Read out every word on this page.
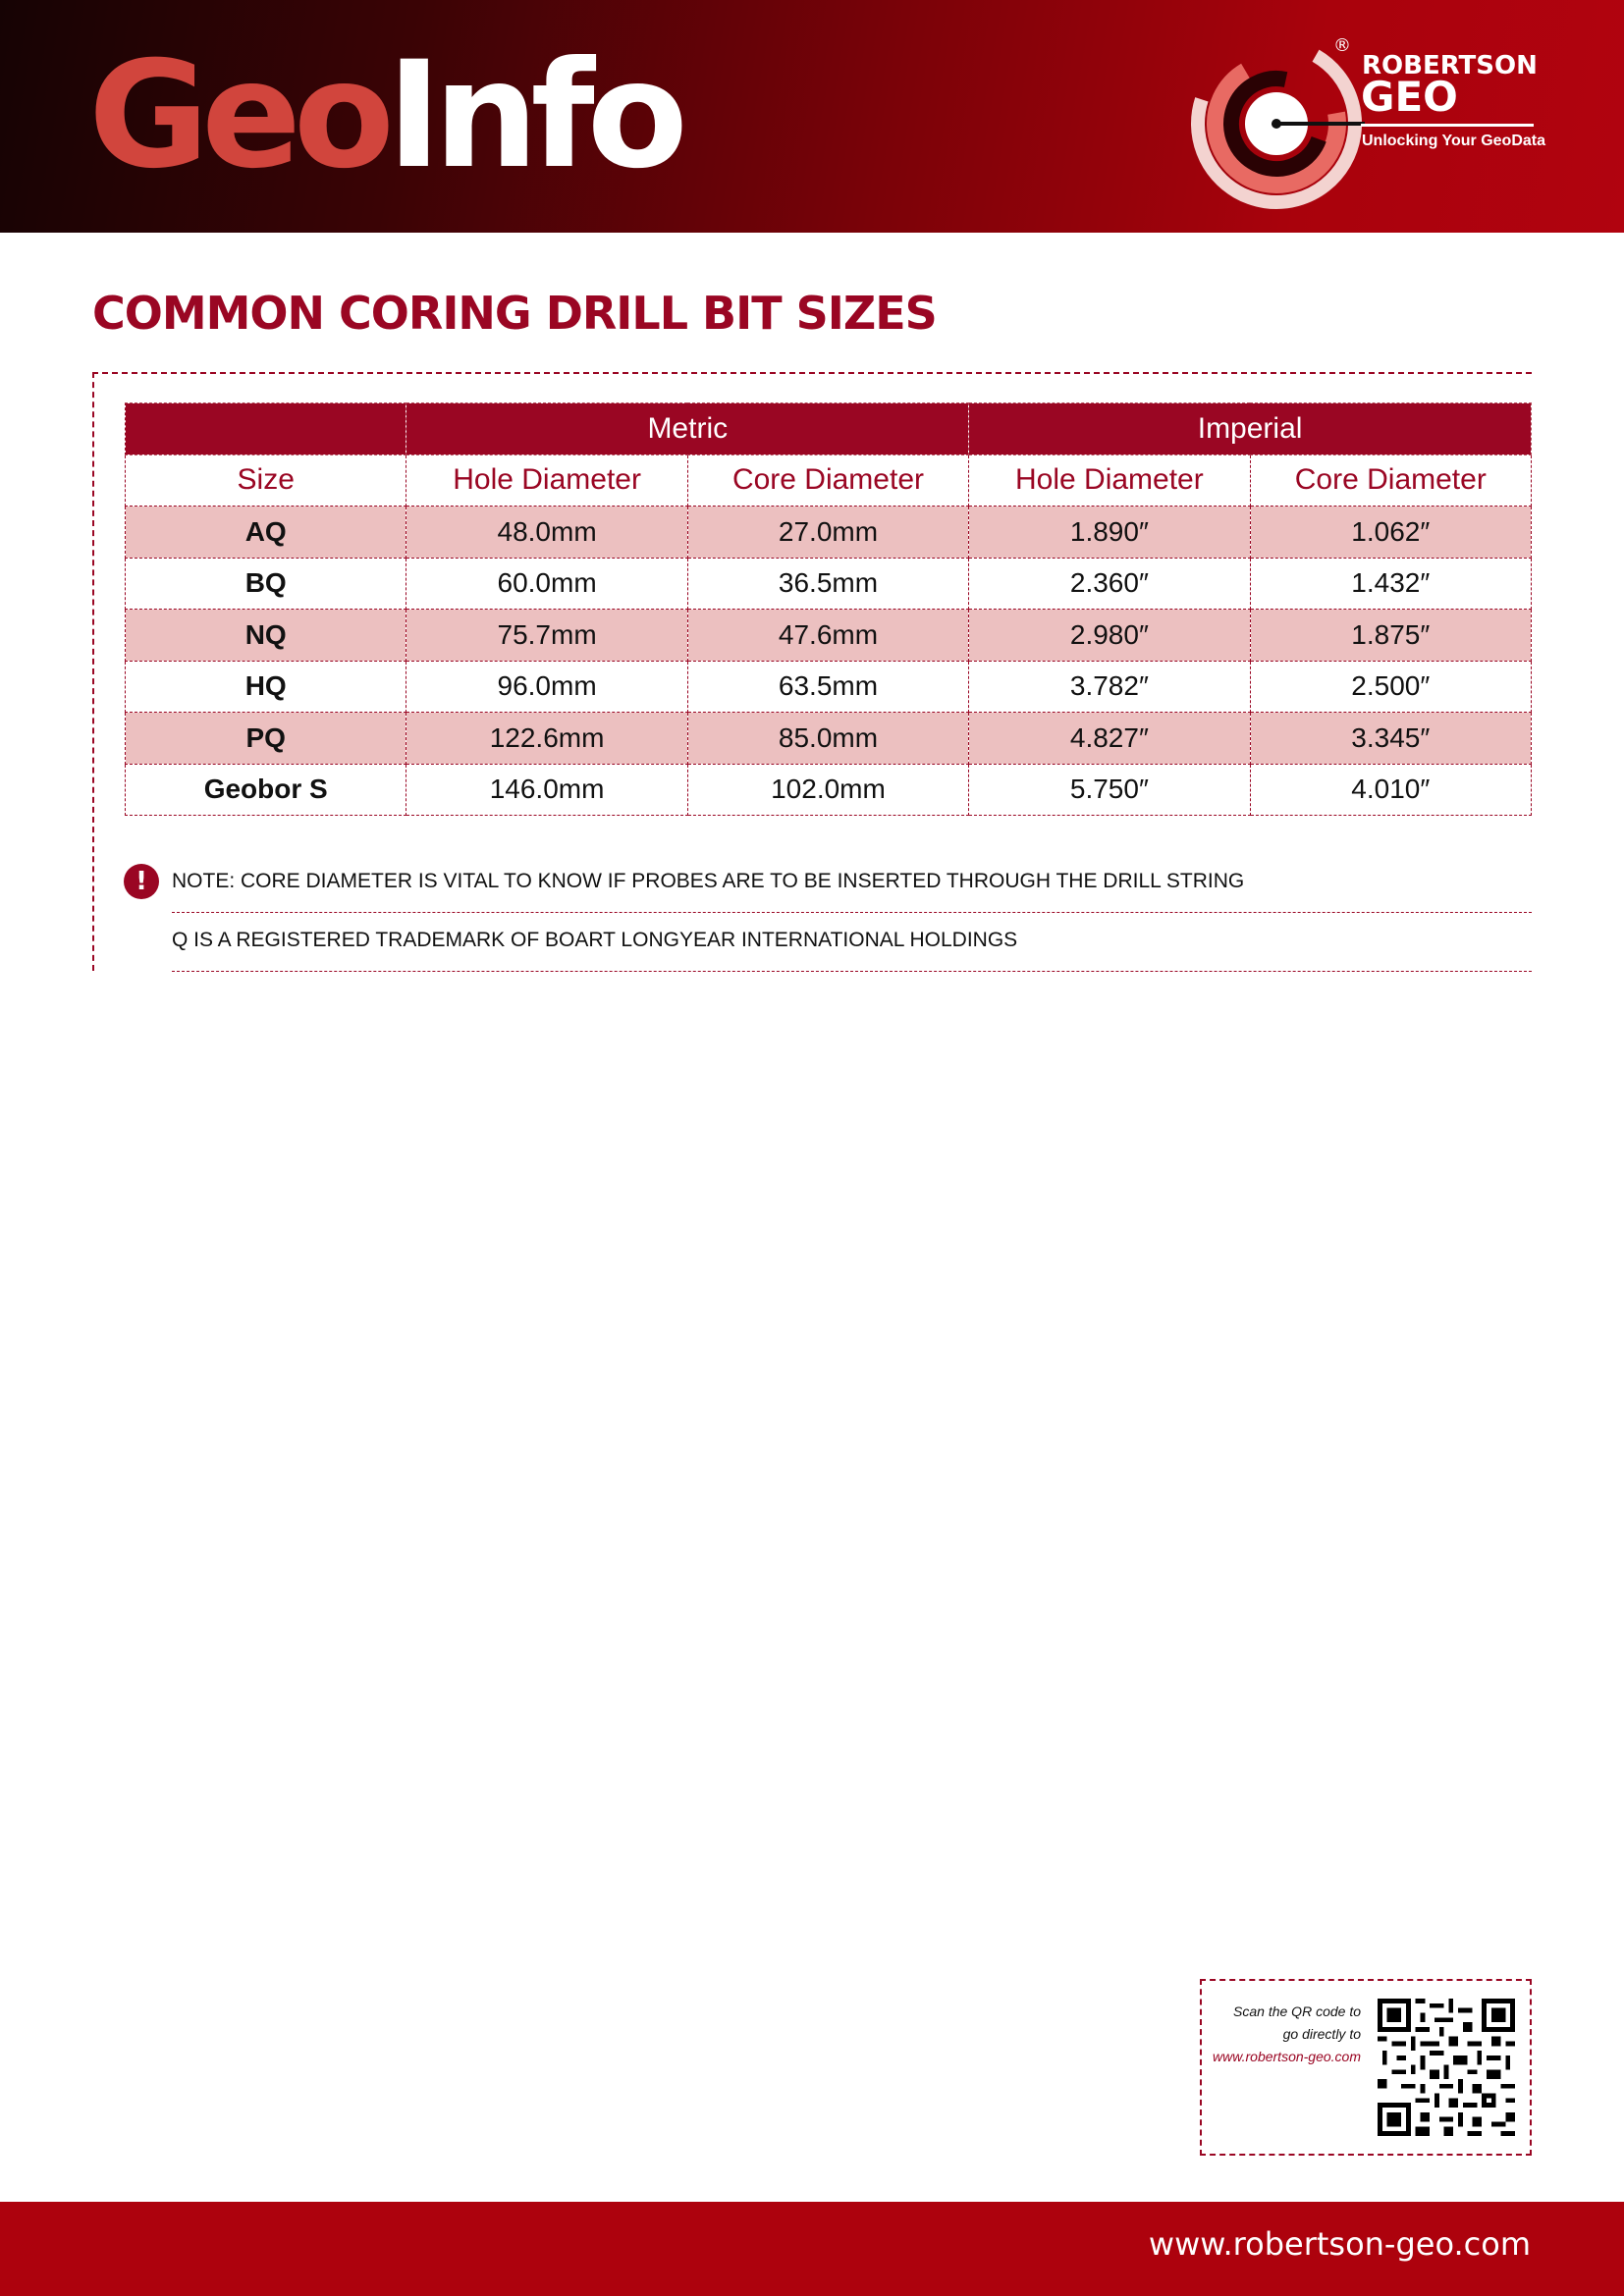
GeoInfo	®
ROBERTSON
GEO
Unlocking Your GeoData
COMMON CORING DRILL BIT SIZES
	Metric		Imperial	
Size	Hole Diameter	Core Diameter	Hole Diameter	Core Diameter
AQ	48.0mm	27.0mm	1.890″	1.062″
BQ	60.0mm	36.5mm	2.360″	1.432″
NQ	75.7mm	47.6mm	2.980″	1.875″
HQ	96.0mm	63.5mm	3.782″	2.500″
PQ	122.6mm	85.0mm	4.827″	3.345″
Geobor S	146.0mm	102.0mm	5.750″	4.010″
!	NOTE: CORE DIAMETER IS VITAL TO KNOW IF PROBES ARE TO BE INSERTED THROUGH THE DRILL STRING
Q IS A REGISTERED TRADEMARK OF BOART LONGYEAR INTERNATIONAL HOLDINGS
Scan the QR code to
go directly to
www.robertson-geo.com
www.robertson-geo.com
